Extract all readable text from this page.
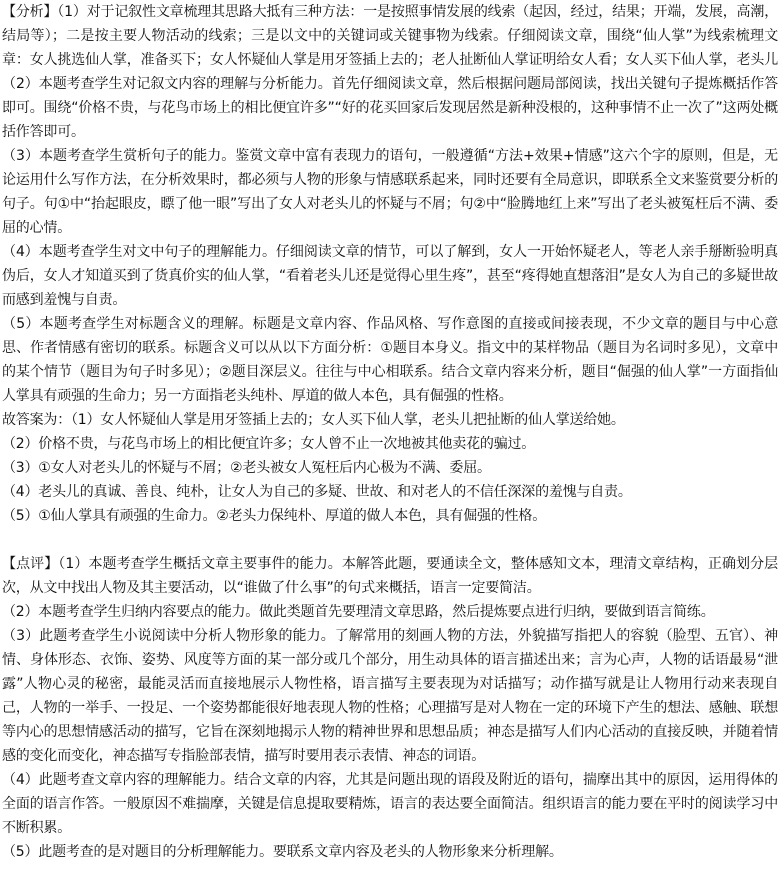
【分析】（1）对于记叙性文章梳理其思路大抵有三种方法：一是按照事情发展的线索（起因，经过，结果；开端，发展，高潮，结局等）；二是按主要人物活动的线索；三是以文中的关键词或关键事物为线索。仔细阅读文章，围绕“仙人掌”为线索梳理文章：女人挑选仙人掌，准备买下；女人怀疑仙人掌是用牙签插上去的；老人扯断仙人掌证明给女人看；女人买下仙人掌，老头儿

（2）本题考查学生对记叙文内容的理解与分析能力。首先仔细阅读文章，然后根据问题局部阅读，找出关键句子提炼概括作答即可。围绕“价格不贵，与花鸟市场上的相比便宜许多”“好的花买回家后发现居然是新种没根的，这种事情不止一次了”这两处概括作答即可。

（3）本题考查学生赏析句子的能力。鉴赏文章中富有表现力的语句，一般遵循“方法+效果+情感”这六个字的原则，但是，无论运用什么写作方法，在分析效果时，都必须与人物的形象与情感联系起来，同时还要有全局意识，即联系全文来鉴赏要分析的句子。句①中“抬起眼皮，瞟了他一眼”写出了女人对老头儿的怀疑与不屑；句②中“脸腾地红上来”写出了老头被冤枉后不满、委屈的心情。

（4）本题考查学生对文中句子的理解能力。仔细阅读文章的情节，可以了解到，女人一开始怀疑老人，等老人亲手掰断验明真伪后，女人才知道买到了货真价实的仙人掌，“看着老头儿还是觉得心里生疼”，甚至“疼得她直想落泪”是女人为自己的多疑世故而感到羞愧与自责。

（5）本题考查学生对标题含义的理解。标题是文章内容、作品风格、写作意图的直接或间接表现，不少文章的题目与中心意思、作者情感有密切的联系。标题含义可以从以下方面分析：①题目本身义。指文中的某样物品（题目为名词时多见），文章中的某个情节（题目为句子时多见）；②题目深层义。往往与中心相联系。结合文章内容来分析，题目“倔强的仙人掌”一方面指仙人掌具有顽强的生命力；另一方面指老头纯朴、厚道的做人本色，具有倔强的性格。

故答案为：（1）女人怀疑仙人掌是用牙签插上去的；女人买下仙人掌，老头儿把扯断的仙人掌送给她。

（2）价格不贵，与花鸟市场上的相比便宜许多；女人曾不止一次地被其他卖花的骗过。

（3）①女人对老头儿的怀疑与不屑；②老头被女人冤枉后内心极为不满、委屈。

（4）老头儿的真诚、善良、纯朴，让女人为自己的多疑、世故、和对老人的不信任深深的羞愧与自责。

（5）①仙人掌具有顽强的生命力。②老头力保纯朴、厚道的做人本色，具有倔强的性格。

【点评】（1）本题考查学生概括文章主要事件的能力。本解答此题，要通读全文，整体感知文本，理清文章结构，正确划分层次，从文中找出人物及其主要活动，以“谁做了什么事”的句式来概括，语言一定要简洁。

（2）本题考查学生归纳内容要点的能力。做此类题首先要理清文章思路，然后提炼要点进行归纳，要做到语言简练。

（3）此题考查学生小说阅读中分析人物形象的能力。了解常用的刻画人物的方法，外貌描写指把人的容貌（脸型、五官）、神情、身体形态、衣饰、姿势、风度等方面的某一部分或几个部分，用生动具体的语言描述出来；言为心声，人物的话语最易“泄露”人物心灵的秘密，最能灵活而直接地展示人物性格，语言描写主要表现为对话描写；动作描写就是让人物用行动来表现自己，人物的一举手、一投足、一个姿势都能很好地表现人物的性格；心理描写是对人物在一定的环境下产生的想法、感触、联想等内心的思想情感活动的描写，它旨在深刻地揭示人物的精神世界和思想品质；神态是描写人们内心活动的直接反映，并随着情感的变化而变化，神态描写专指脸部表情，描写时要用表示表情、神态的词语。

（4）此题考查文章内容的理解能力。结合文章的内容，尤其是问题出现的语段及附近的语句，揣摩出其中的原因，运用得体的全面的语言作答。一般原因不难揣摩，关键是信息提取要精炼，语言的表达要全面简洁。组织语言的能力要在平时的阅读学习中不断积累。

（5）此题考查的是对题目的分析理解能力。要联系文章内容及老头的人物形象来分析理解。
